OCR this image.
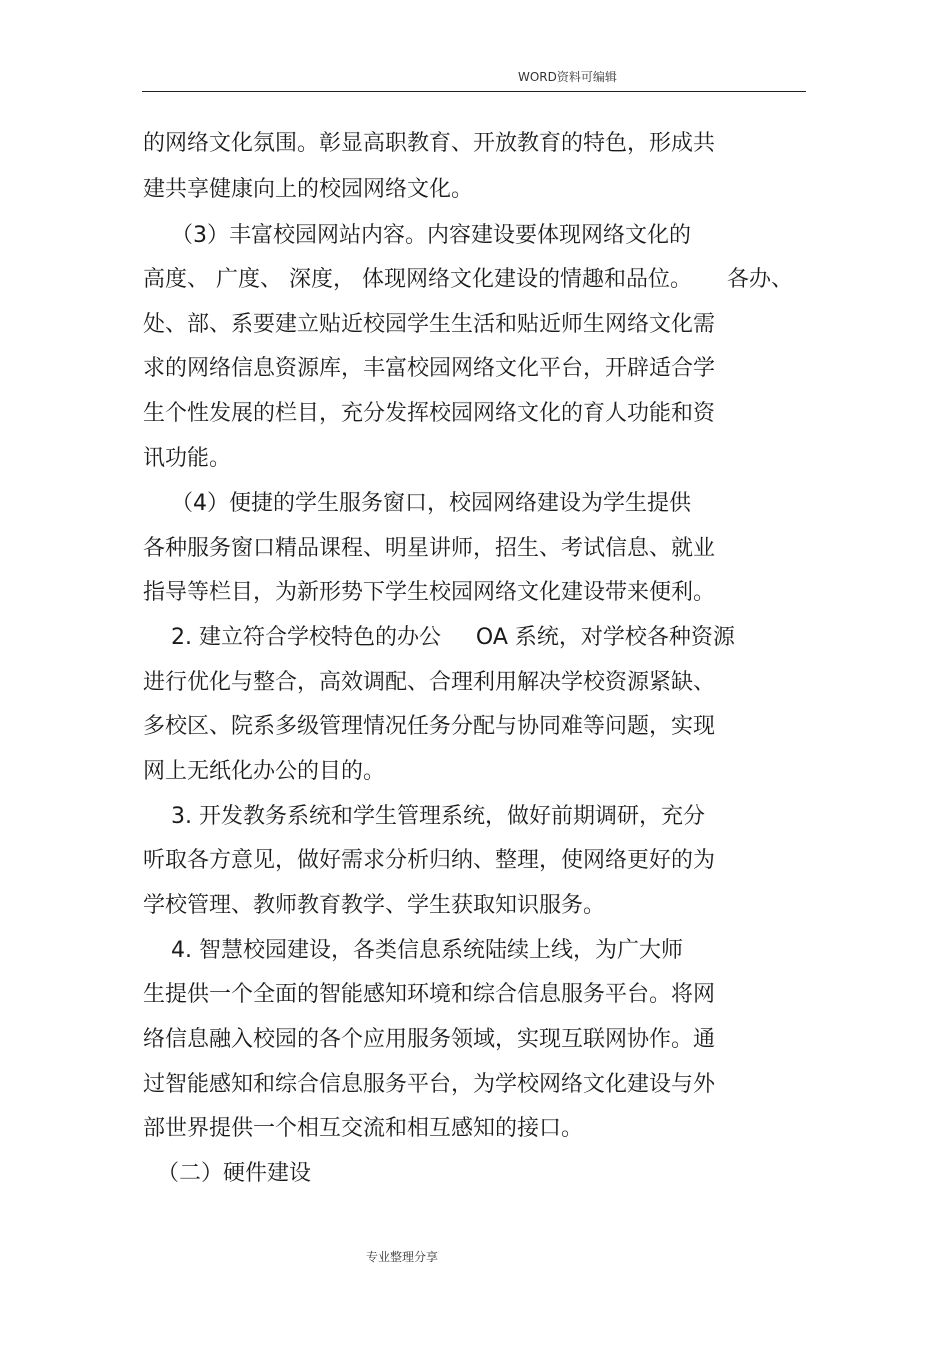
WORD资料可编辑
的网络文化氛围。彰显高职教育、开放教育的特色，形成共
建共享健康向上的校园网络文化。
（3）丰富校园网站内容。内容建设要体现网络文化的
高度、 广度、 深度， 体现网络文化建设的情趣和品位。     各办、
处、部、系要建立贴近校园学生生活和贴近师生网络文化需
求的网络信息资源库，丰富校园网络文化平台，开辟适合学
生个性发展的栏目，充分发挥校园网络文化的育人功能和资
讯功能。
（4）便捷的学生服务窗口，校园网络建设为学生提供
各种服务窗口精品课程、明星讲师，招生、考试信息、就业
指导等栏目，为新形势下学生校园网络文化建设带来便利。
2. 建立符合学校特色的办公     OA 系统，对学校各种资源
进行优化与整合，高效调配、合理利用解决学校资源紧缺、
多校区、院系多级管理情况任务分配与协同难等问题，实现
网上无纸化办公的目的。
3. 开发教务系统和学生管理系统，做好前期调研，充分
听取各方意见，做好需求分析归纳、整理，使网络更好的为
学校管理、教师教育教学、学生获取知识服务。
4. 智慧校园建设，各类信息系统陆续上线，为广大师
生提供一个全面的智能感知环境和综合信息服务平台。将网
络信息融入校园的各个应用服务领域，实现互联网协作。通
过智能感知和综合信息服务平台，为学校网络文化建设与外
部世界提供一个相互交流和相互感知的接口。
（二）硬件建设
专业整理分享
